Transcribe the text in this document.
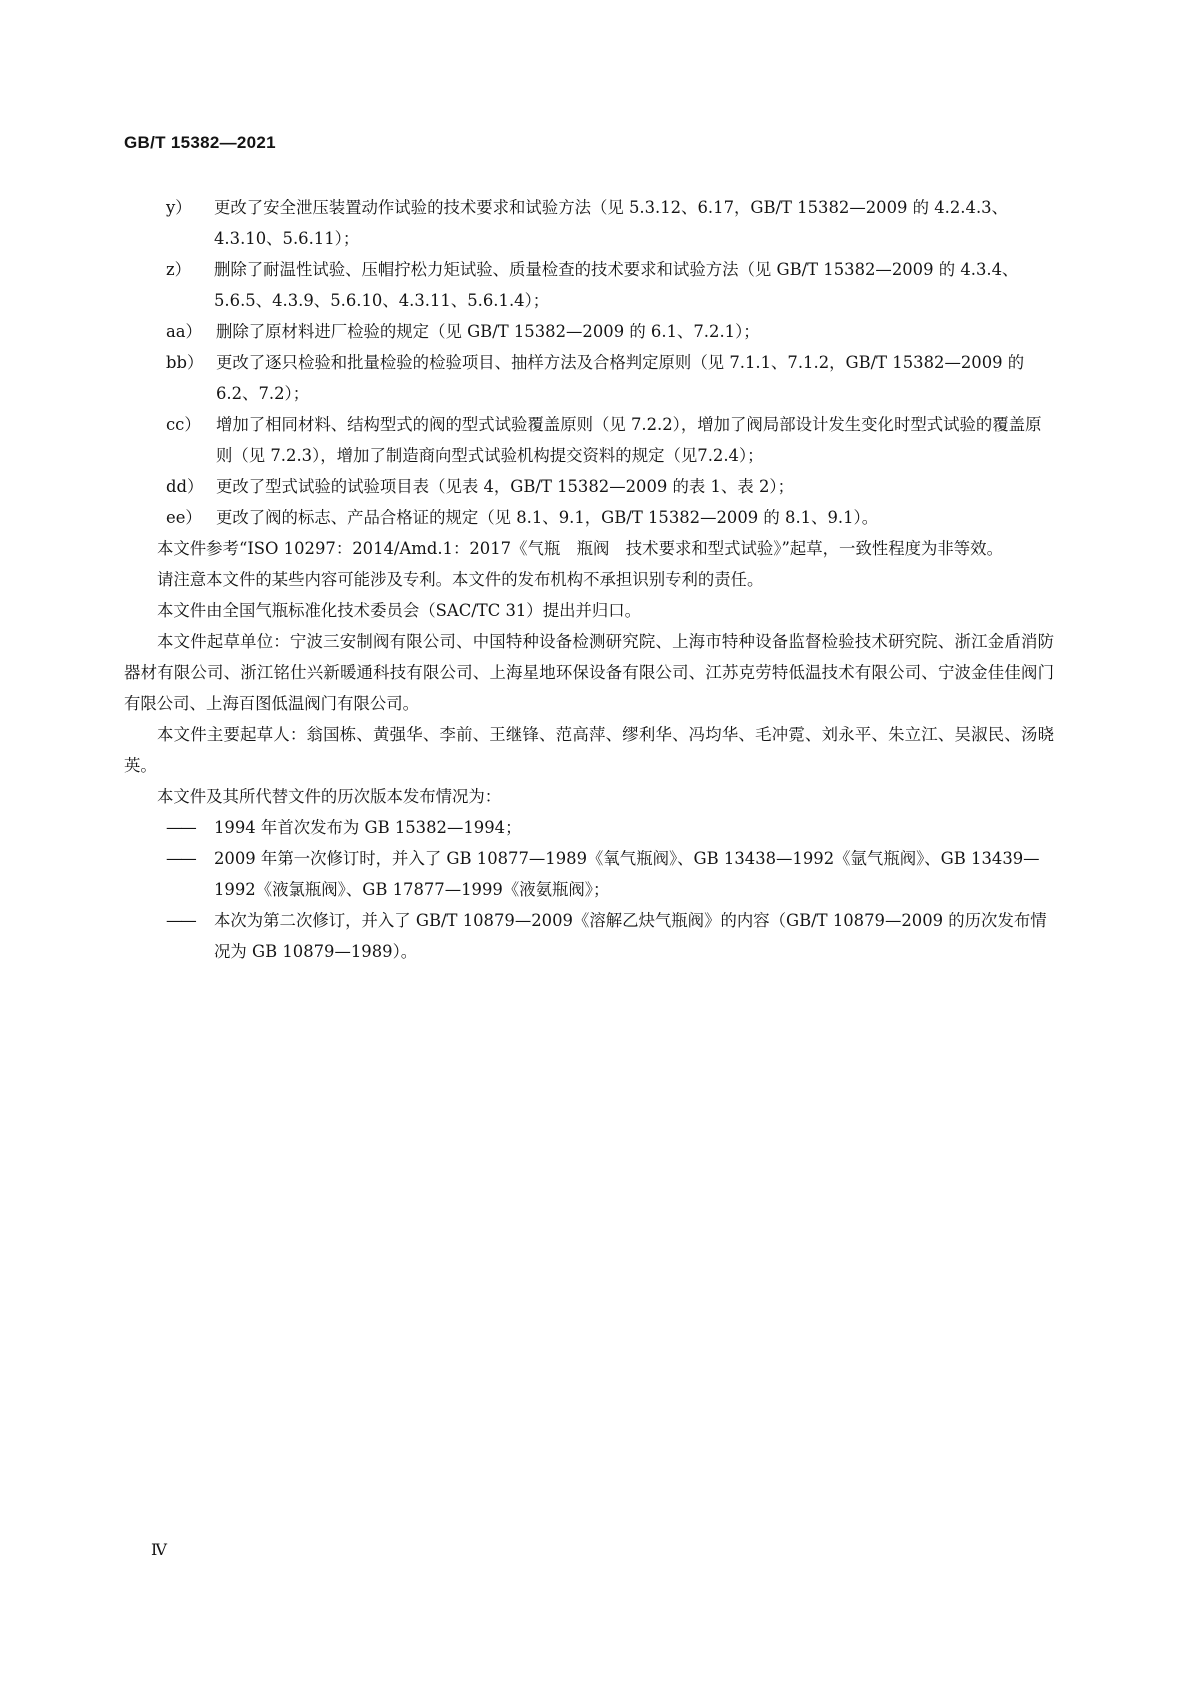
GB/T 15382—2021

y） 更改了安全泄压装置动作试验的技术要求和试验方法（见 5.3.12、6.17，GB/T 15382—2009 的 4.2.4.3、4.3.10、5.6.11）；

z） 删除了耐温性试验、压帽拧松力矩试验、质量检查的技术要求和试验方法（见 GB/T 15382—2009 的 4.3.4、5.6.5、4.3.9、5.6.10、4.3.11、5.6.1.4）；

aa） 删除了原材料进厂检验的规定（见 GB/T 15382—2009 的 6.1、7.2.1）；

bb） 更改了逐只检验和批量检验的检验项目、抽样方法及合格判定原则（见 7.1.1、7.1.2，GB/T 15382—2009 的 6.2、7.2）；

cc） 增加了相同材料、结构型式的阀的型式试验覆盖原则（见 7.2.2），增加了阀局部设计发生变化时型式试验的覆盖原则（见 7.2.3），增加了制造商向型式试验机构提交资料的规定（见7.2.4）；

dd） 更改了型式试验的试验项目表（见表 4，GB/T 15382—2009 的表 1、表 2）；

ee） 更改了阀的标志、产品合格证的规定（见 8.1、9.1，GB/T 15382—2009 的 8.1、9.1）。

本文件参考“ISO 10297：2014/Amd.1：2017《气瓶　瓶阀　技术要求和型式试验》”起草，一致性程度为非等效。

请注意本文件的某些内容可能涉及专利。本文件的发布机构不承担识别专利的责任。

本文件由全国气瓶标准化技术委员会（SAC/TC 31）提出并归口。

本文件起草单位：宁波三安制阀有限公司、中国特种设备检测研究院、上海市特种设备监督检验技术研究院、浙江金盾消防器材有限公司、浙江铭仕兴新暖通科技有限公司、上海星地环保设备有限公司、江苏克劳特低温技术有限公司、宁波金佳佳阀门有限公司、上海百图低温阀门有限公司。

本文件主要起草人：翁国栋、黄强华、李前、王继锋、范高萍、缪利华、冯均华、毛冲霓、刘永平、朱立江、吴淑民、汤晓英。

本文件及其所代替文件的历次版本发布情况为：

—— 1994 年首次发布为 GB 15382—1994；

—— 2009 年第一次修订时，并入了 GB 10877—1989《氧气瓶阀》、GB 13438—1992《氩气瓶阀》、GB 13439—1992《液氯瓶阀》、GB 17877—1999《液氨瓶阀》；

—— 本次为第二次修订，并入了 GB/T 10879—2009《溶解乙炔气瓶阀》的内容（GB/T 10879—2009 的历次发布情况为 GB 10879—1989）。

Ⅳ
